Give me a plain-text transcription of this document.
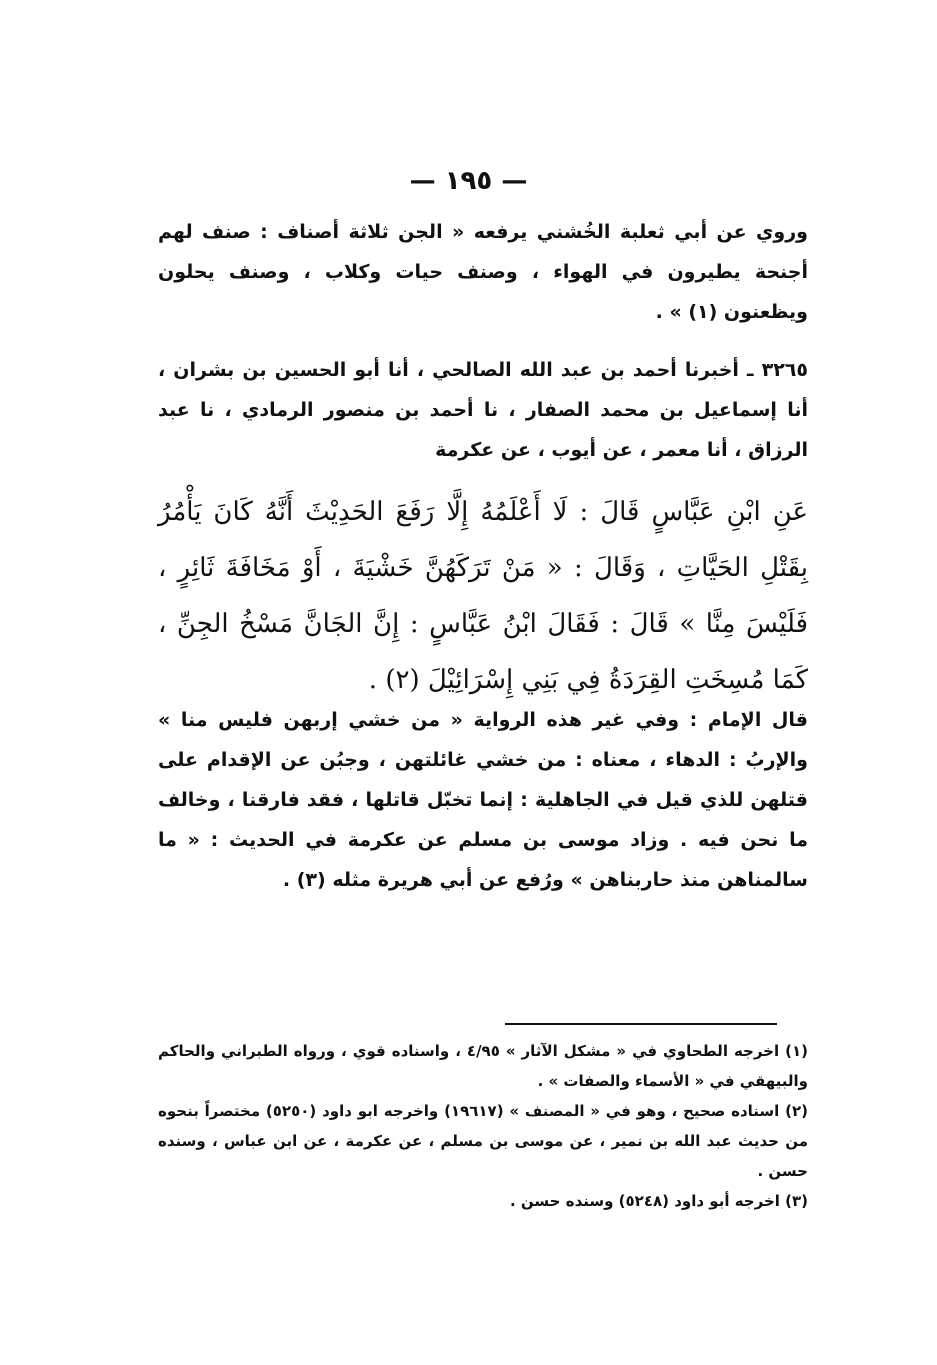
— ١٩٥ —

وروي عن أبي ثعلبة الخُشني يرفعه « الجن ثلاثة أصناف : صنف لهم أجنحة يطيرون في الهواء ، وصنف حيات وكلاب ، وصنف يحلون ويظعنون (١) » .

٣٢٦٥ ـ أخبرنا أحمد بن عبد الله الصالحي ، أنا أبو الحسين بن بشران ، أنا إسماعيل بن محمد الصفار ، نا أحمد بن منصور الرمادي ، نا عبد الرزاق ، أنا معمر ، عن أيوب ، عن عكرمة

عَنِ ابْنِ عَبَّاسٍ قَالَ : لَا أَعْلَمُهُ إِلَّا رَفَعَ الحَدِيْثَ أَنَّهُ كَانَ يَأْمُرُ بِقَتْلِ الحَيَّاتِ ، وَقَالَ : « مَنْ تَرَكَهُنَّ خَشْيَةَ ، أَوْ مَخَافَةَ ثَائِرٍ ، فَلَيْسَ مِنَّا » قَالَ : فَقَالَ ابْنُ عَبَّاسٍ : إِنَّ الجَانَّ مَسْخُ الجِنِّ ، كَمَا مُسِخَتِ القِرَدَةُ فِي بَنِي إِسْرَائِيْلَ (٢) .

قال الإمام : وفي غير هذه الرواية « من خشي إربهن فليس منا » والإربُ : الدهاء ، معناه : من خشي غائلتهن ، وجبُن عن الإقدام على قتلهن للذي قيل في الجاهلية : إنما تخبّل قاتلها ، فقد فارقنا ، وخالف ما نحن فيه . وزاد موسى بن مسلم عن عكرمة في الحديث : « ما سالمناهن منذ حاربناهن » ورُفع عن أبي هريرة مثله (٣) .

(١) اخرجه الطحاوي في « مشكل الآثار » ٤/٩٥ ، واسناده قوي ، ورواه الطبراني والحاكم والبيهقي في « الأسماء والصفات » .
(٢) اسناده صحيح ، وهو في « المصنف » (١٩٦١٧) واخرجه ابو داود (٥٢٥٠) مختصراً بنحوه من حديث عبد الله بن نمير ، عن موسى بن مسلم ، عن عكرمة ، عن ابن عباس ، وسنده حسن .
(٣) اخرجه أبو داود (٥٢٤٨) وسنده حسن .
